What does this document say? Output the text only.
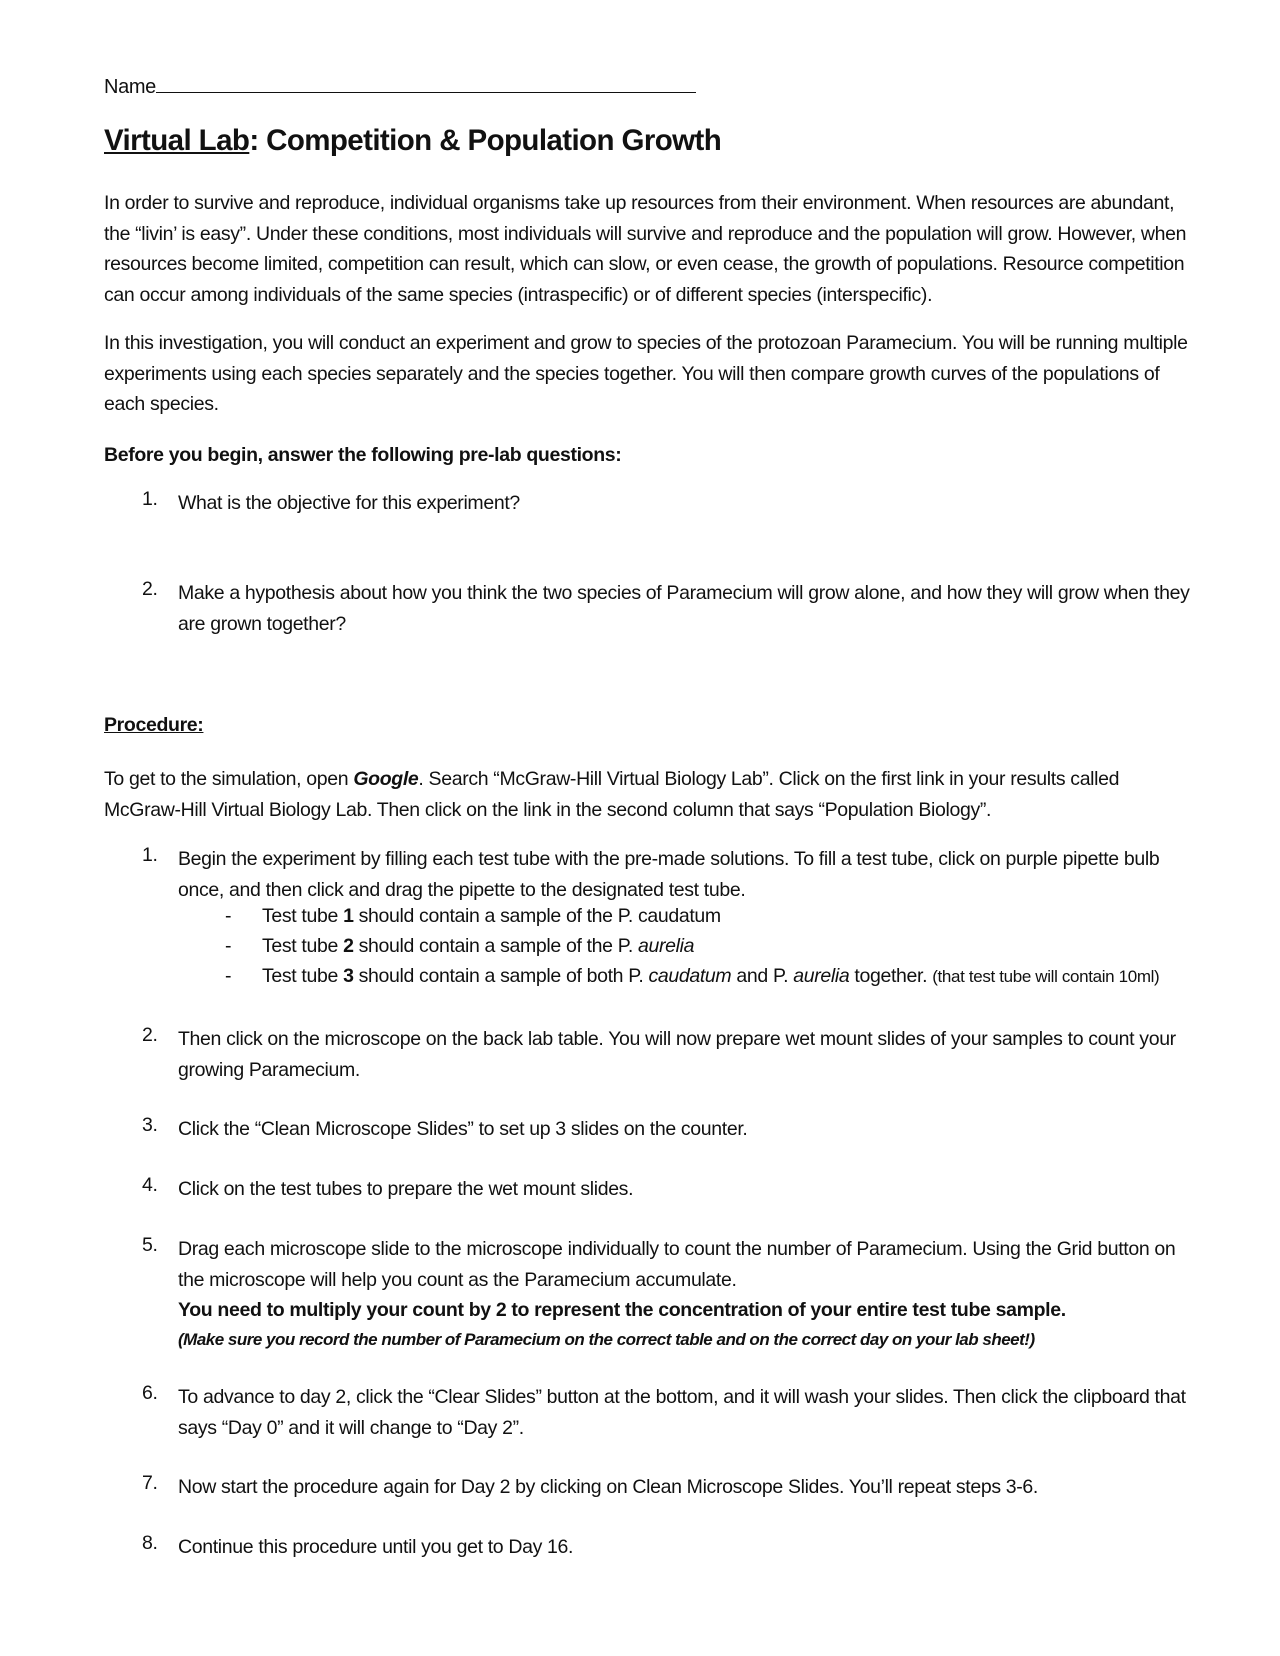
Name
Virtual Lab: Competition & Population Growth
In order to survive and reproduce, individual organisms take up resources from their environment. When resources are abundant, the “livin’ is easy”. Under these conditions, most individuals will survive and reproduce and the population will grow. However, when resources become limited, competition can result, which can slow, or even cease, the growth of populations. Resource competition can occur among individuals of the same species (intraspecific) or of different species (interspecific).
In this investigation, you will conduct an experiment and grow to species of the protozoan Paramecium. You will be running multiple experiments using each species separately and the species together. You will then compare growth curves of the populations of each species.
Before you begin, answer the following pre-lab questions:
1. What is the objective for this experiment?
2. Make a hypothesis about how you think the two species of Paramecium will grow alone, and how they will grow when they are grown together?
Procedure:
To get to the simulation, open Google. Search “McGraw-Hill Virtual Biology Lab”. Click on the first link in your results called McGraw-Hill Virtual Biology Lab. Then click on the link in the second column that says “Population Biology”.
1. Begin the experiment by filling each test tube with the pre-made solutions. To fill a test tube, click on purple pipette bulb once, and then click and drag the pipette to the designated test tube.
- Test tube 1 should contain a sample of the P. caudatum
- Test tube 2 should contain a sample of the P. aurelia
- Test tube 3 should contain a sample of both P. caudatum and P. aurelia together. (that test tube will contain 10ml)
2. Then click on the microscope on the back lab table. You will now prepare wet mount slides of your samples to count your growing Paramecium.
3. Click the “Clean Microscope Slides” to set up 3 slides on the counter.
4. Click on the test tubes to prepare the wet mount slides.
5. Drag each microscope slide to the microscope individually to count the number of Paramecium. Using the Grid button on the microscope will help you count as the Paramecium accumulate.
You need to multiply your count by 2 to represent the concentration of your entire test tube sample.
(Make sure you record the number of Paramecium on the correct table and on the correct day on your lab sheet!)
6. To advance to day 2, click the “Clear Slides” button at the bottom, and it will wash your slides. Then click the clipboard that says “Day 0” and it will change to “Day 2”.
7. Now start the procedure again for Day 2 by clicking on Clean Microscope Slides. You’ll repeat steps 3-6.
8. Continue this procedure until you get to Day 16.
